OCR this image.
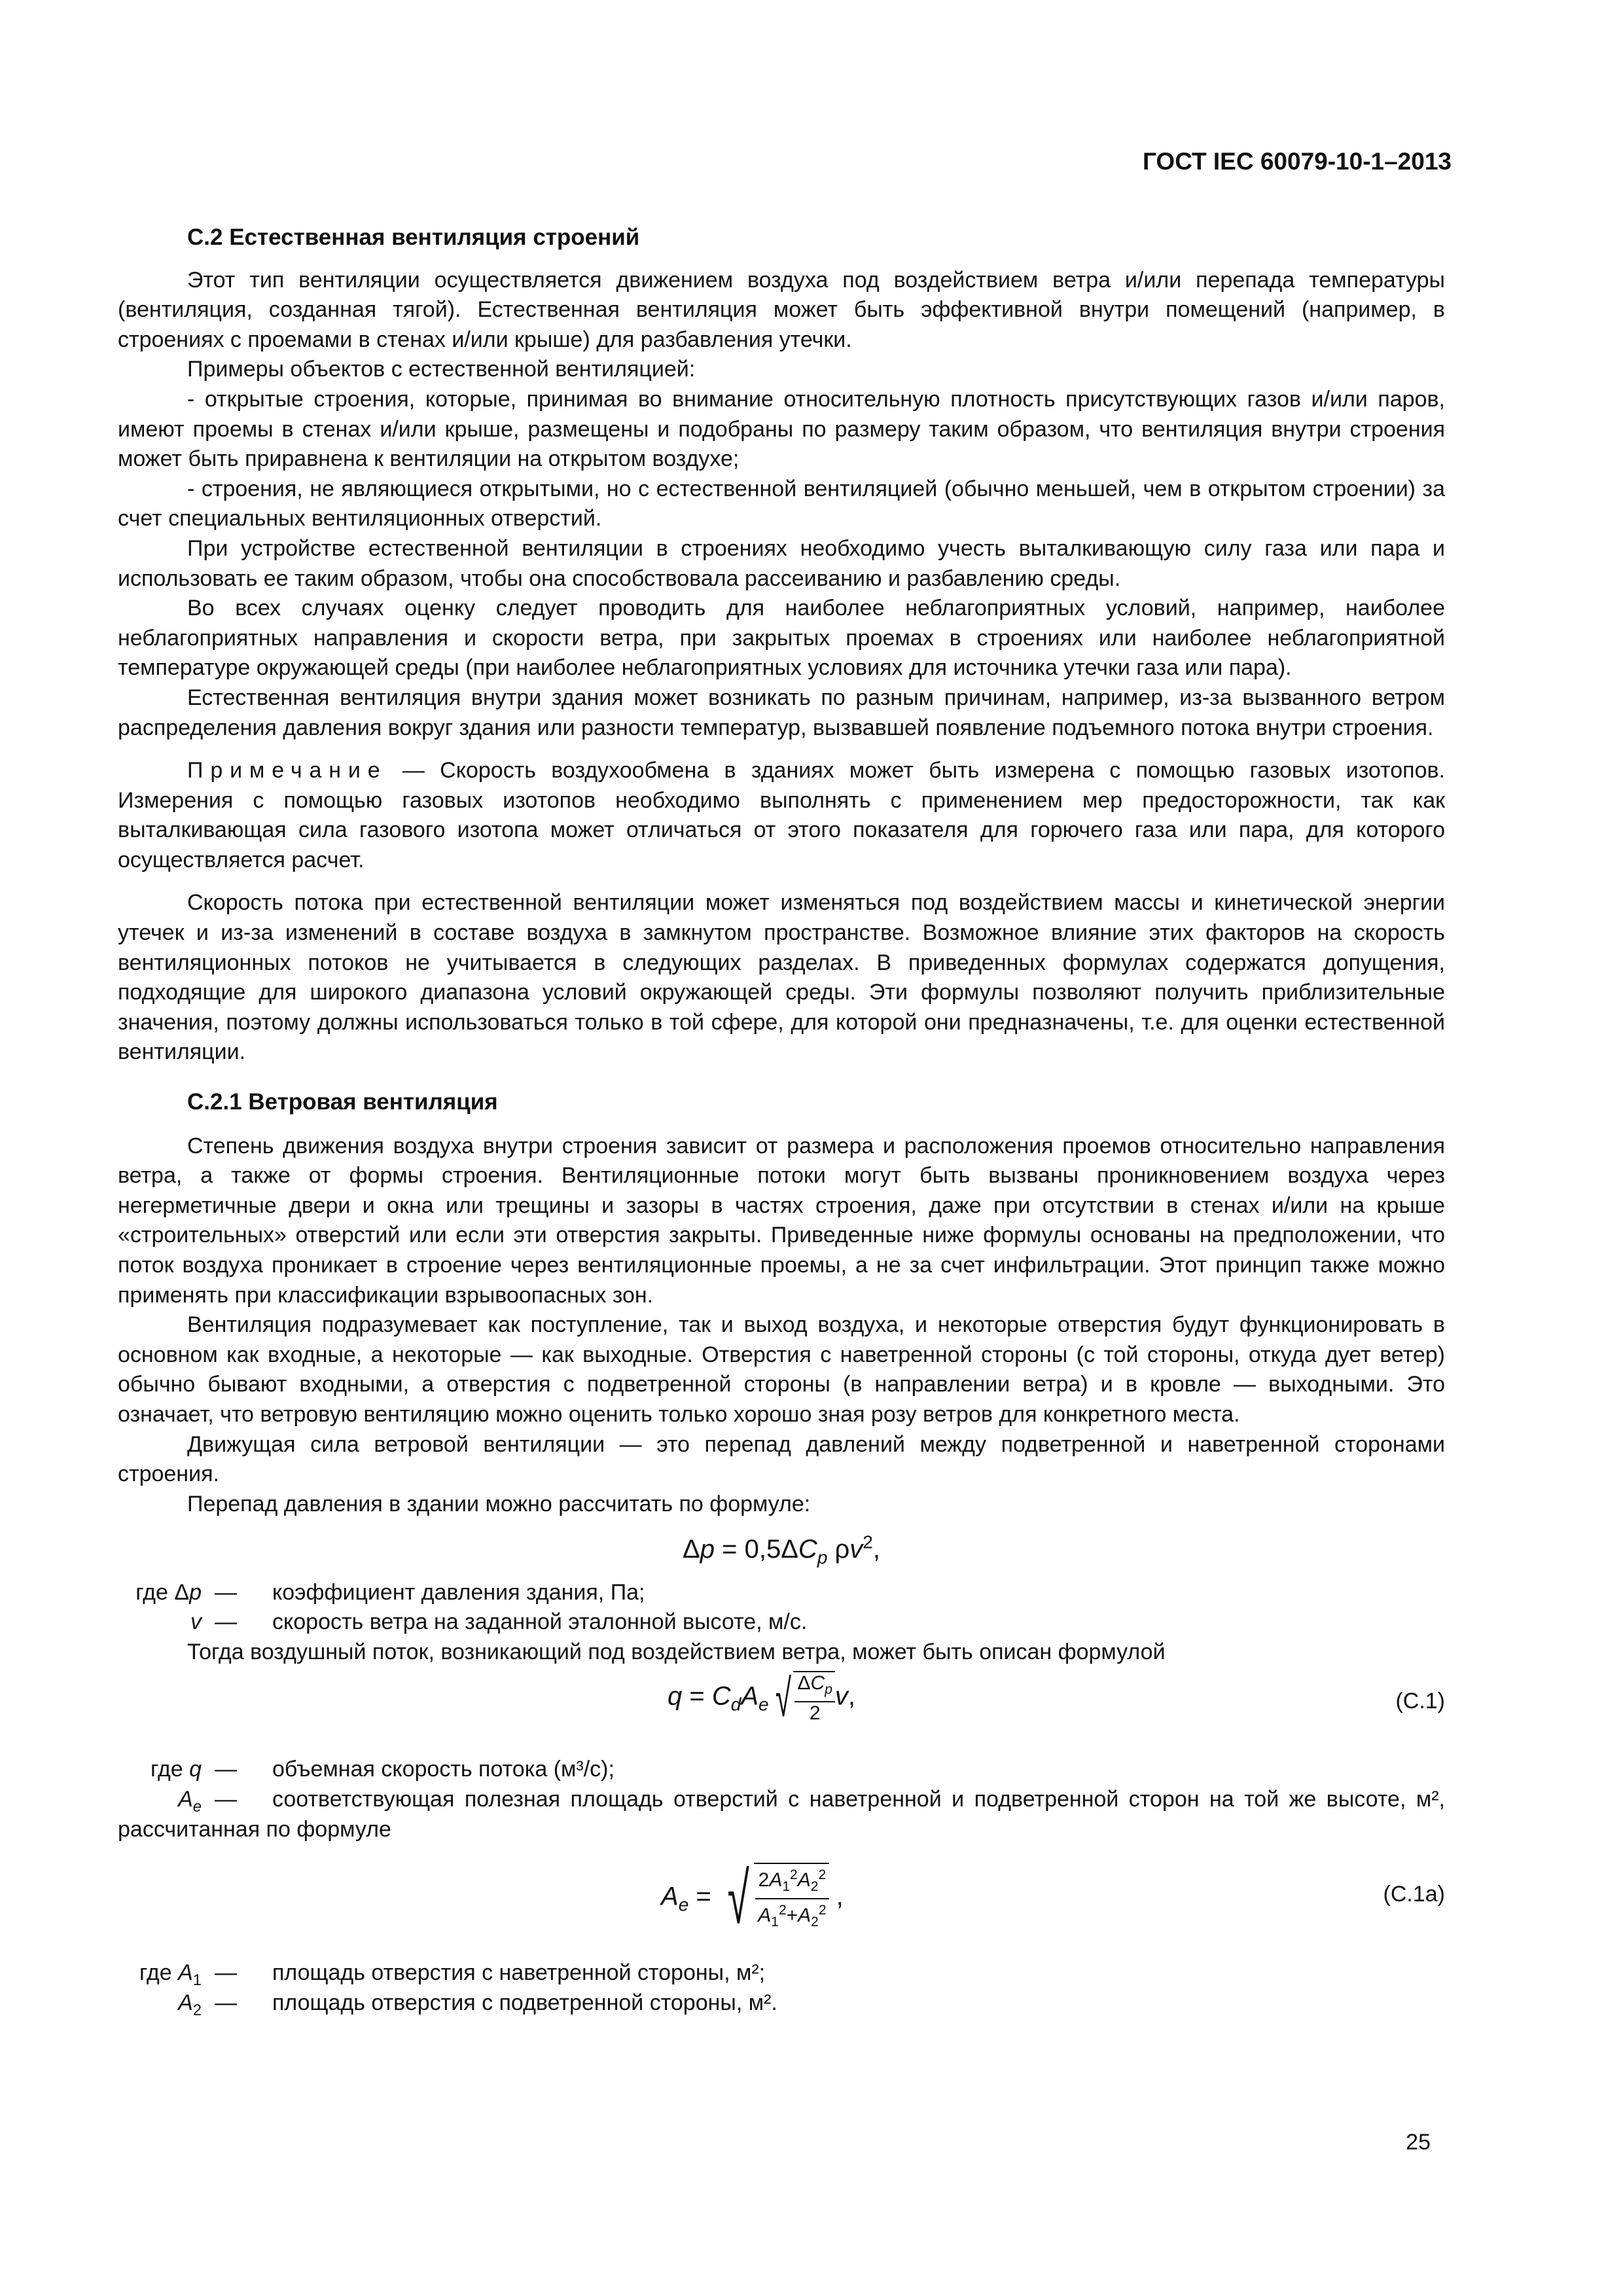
ГОСТ IEC 60079-10-1–2013
С.2 Естественная вентиляция строений

Этот тип вентиляции осуществляется движением воздуха под воздействием ветра и/или перепада температуры (вентиляция, созданная тягой). Естественная вентиляция может быть эффективной внутри помещений (например, в строениях с проемами в стенах и/или крыше) для разбавления утечки.

Примеры объектов с естественной вентиляцией:

- открытые строения, которые, принимая во внимание относительную плотность присутствующих газов и/или паров, имеют проемы в стенах и/или крыше, размещены и подобраны по размеру таким образом, что вентиляция внутри строения может быть приравнена к вентиляции на открытом воздухе;

- строения, не являющиеся открытыми, но с естественной вентиляцией (обычно меньшей, чем в открытом строении) за счет специальных вентиляционных отверстий.

При устройстве естественной вентиляции в строениях необходимо учесть выталкивающую силу газа или пара и использовать ее таким образом, чтобы она способствовала рассеиванию и разбавлению среды.

Во всех случаях оценку следует проводить для наиболее неблагоприятных условий, например, наиболее неблагоприятных направления и скорости ветра, при закрытых проемах в строениях или наиболее неблагоприятной температуре окружающей среды (при наиболее неблагоприятных условиях для источника утечки газа или пара).

Естественная вентиляция внутри здания может возникать по разным причинам, например, из-за вызванного ветром распределения давления вокруг здания или разности температур, вызвавшей появление подъемного потока внутри строения.

Примечание — Скорость воздухообмена в зданиях может быть измерена с помощью газовых изотопов. Измерения с помощью газовых изотопов необходимо выполнять с применением мер предосторожности, так как выталкивающая сила газового изотопа может отличаться от этого показателя для горючего газа или пара, для которого осуществляется расчет.

Скорость потока при естественной вентиляции может изменяться под воздействием массы и кинетической энергии утечек и из-за изменений в составе воздуха в замкнутом пространстве. Возможное влияние этих факторов на скорость вентиляционных потоков не учитывается в следующих разделах. В приведенных формулах содержатся допущения, подходящие для широкого диапазона условий окружающей среды. Эти формулы позволяют получить приблизительные значения, поэтому должны использоваться только в той сфере, для которой они предназначены, т.е. для оценки естественной вентиляции.

С.2.1 Ветровая вентиляция

Степень движения воздуха внутри строения зависит от размера и расположения проемов относительно направления ветра, а также от формы строения. Вентиляционные потоки могут быть вызваны проникновением воздуха через негерметичные двери и окна или трещины и зазоры в частях строения, даже при отсутствии в стенах и/или на крыше «строительных» отверстий или если эти отверстия закрыты. Приведенные ниже формулы основаны на предположении, что поток воздуха проникает в строение через вентиляционные проемы, а не за счет инфильтрации. Этот принцип также можно применять при классификации взрывоопасных зон.

Вентиляция подразумевает как поступление, так и выход воздуха, и некоторые отверстия будут функционировать в основном как входные, а некоторые — как выходные. Отверстия с наветренной стороны (с той стороны, откуда дует ветер) обычно бывают входными, а отверстия с подветренной стороны (в направлении ветра) и в кровле — выходными. Это означает, что ветровую вентиляцию можно оценить только хорошо зная розу ветров для конкретного места.

Движущая сила ветровой вентиляции — это перепад давлений между подветренной и наветренной сторонами строения.

Перепад давления в здании можно рассчитать по формуле:

$\Delta p = 0,5\Delta C_p$ $\rho v^2$,
где Δp — коэффициент давления здания, Па;
v — скорость ветра на заданной эталонной высоте, м/с.

Тогда воздушный поток, возникающий под воздействием ветра, может быть описан формулой

$q = C_dA_e$ √ $\frac{\Delta C_p}{2} v$,	(С.1)
где q — объемная скорость потока (м³/с);
$A_e$ — соответствующая полезная площадь отверстий с наветренной и подветренной сторон на той же высоте, м², рассчитанная по формуле
$A_e$ = √ $\frac{2A_1^2A_2^2}{A_1^2+A_2^2}$ ,	(С.1а)
где $A_1$ — площадь отверстия с наветренной стороны, м²;
$A_2$ — площадь отверстия с подветренной стороны, м².
25
